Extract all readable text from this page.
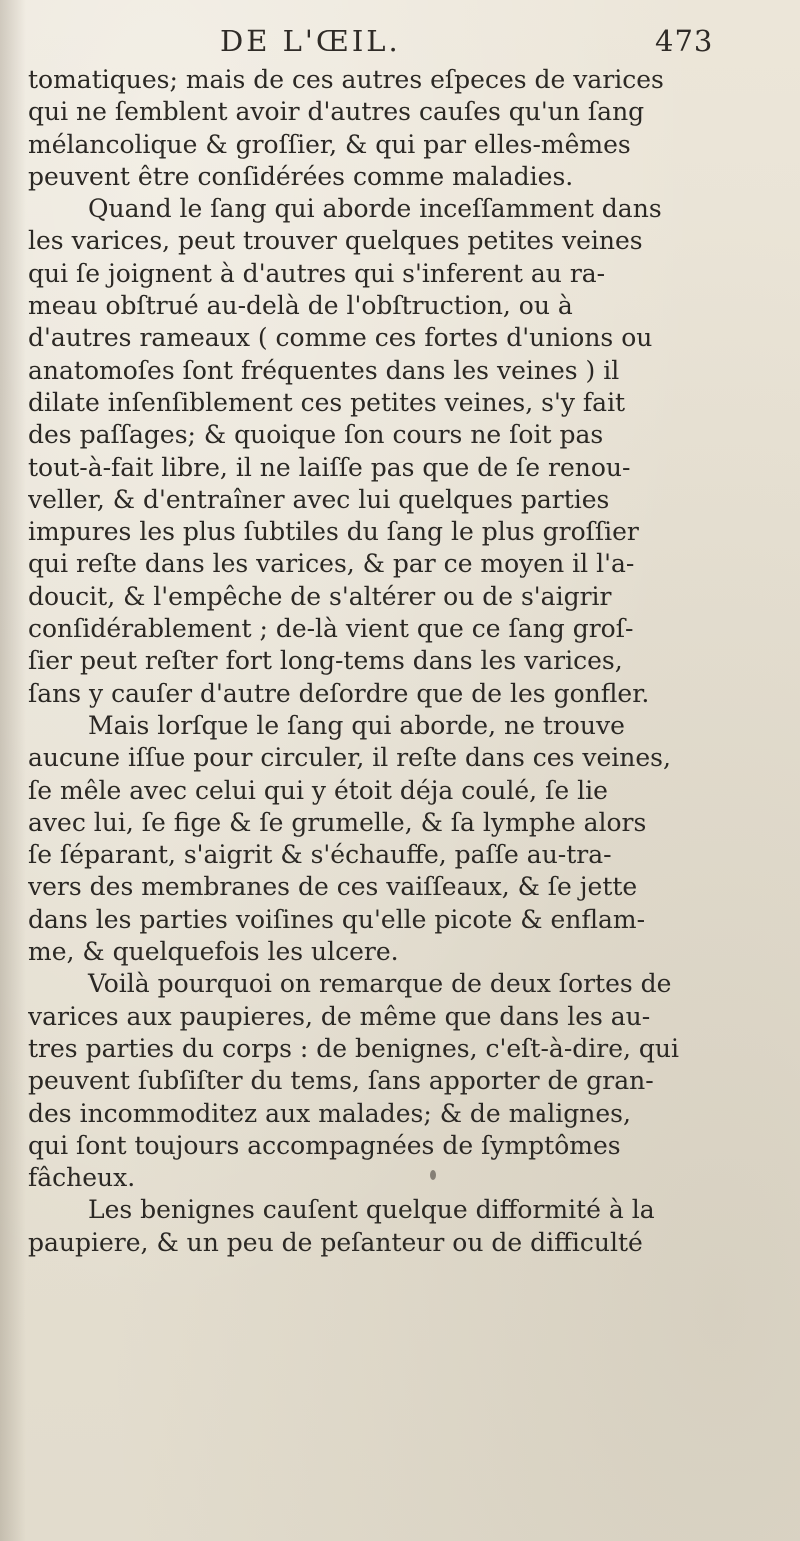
DE L'ŒIL.	473
tomatiques; mais de ces autres eſpeces de varices
qui ne ſemblent avoir d'autres cauſes qu'un ſang
mélancolique & groſſier, & qui par elles-mêmes
peuvent être conſidérées comme maladies.
Quand le ſang qui aborde inceſſamment dans
les varices, peut trouver quelques petites veines
qui ſe joignent à d'autres qui s'inferent au ra-
meau obſtrué au-delà de l'obſtruction, ou à
d'autres rameaux ( comme ces fortes d'unions ou
anatomoſes ſont fréquentes dans les veines ) il
dilate inſenſiblement ces petites veines, s'y fait
des paſſages; & quoique ſon cours ne ſoit pas
tout-à-fait libre, il ne laiſſe pas que de ſe renou-
veller, & d'entraîner avec lui quelques parties
impures les plus ſubtiles du ſang le plus groſſier
qui reſte dans les varices, & par ce moyen il l'a-
doucit, & l'empêche de s'altérer ou de s'aigrir
conſidérablement ; de-là vient que ce ſang groſ-
ſier peut reſter fort long-tems dans les varices,
ſans y cauſer d'autre deſordre que de les gonfler.
Mais lorſque le ſang qui aborde, ne trouve
aucune iſſue pour circuler, il reſte dans ces veines,
ſe mêle avec celui qui y étoit déja coulé, ſe lie
avec lui, ſe fige & ſe grumelle, & ſa lymphe alors
ſe ſéparant, s'aigrit & s'échauffe, paſſe au-tra-
vers des membranes de ces vaiſſeaux, & ſe jette
dans les parties voiſines qu'elle picote & enflam-
me, & quelquefois les ulcere.
Voilà pourquoi on remarque de deux ſortes de
varices aux paupieres, de même que dans les au-
tres parties du corps : de benignes, c'eſt-à-dire, qui
peuvent ſubſiſter du tems, ſans apporter de gran-
des incommoditez aux malades; & de malignes,
qui ſont toujours accompagnées de ſymptômes
fâcheux.
Les benignes cauſent quelque difformité à la
paupiere, & un peu de peſanteur ou de difficulté
